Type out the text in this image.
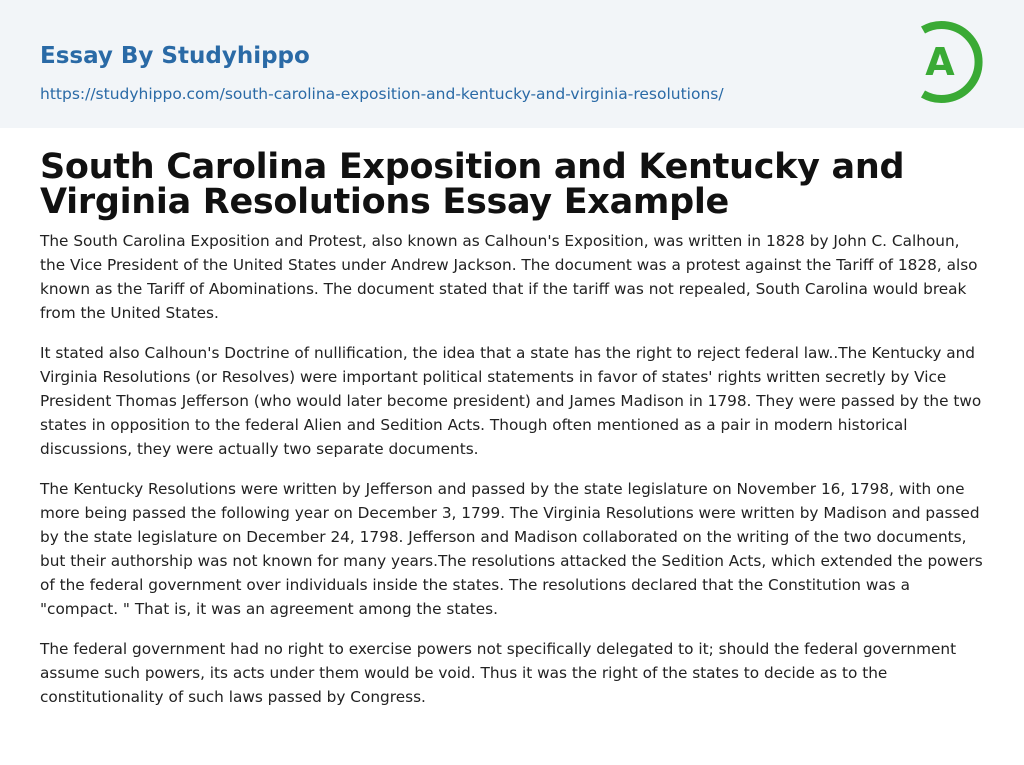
Essay By Studyhippo
https://studyhippo.com/south-carolina-exposition-and-kentucky-and-virginia-resolutions/
A
South Carolina Exposition and Kentucky and Virginia Resolutions Essay Example

The South Carolina Exposition and Protest, also known as Calhoun's Exposition, was written in 1828 by John C. Calhoun, the Vice President of the United States under Andrew Jackson. The document was a protest against the Tariff of 1828, also known as the Tariff of Abominations. The document stated that if the tariff was not repealed, South Carolina would break from the United States.

It stated also Calhoun's Doctrine of nullification, the idea that a state has the right to reject federal law..The Kentucky and Virginia Resolutions (or Resolves) were important political statements in favor of states' rights written secretly by Vice President Thomas Jefferson (who would later become president) and James Madison in 1798. They were passed by the two states in opposition to the federal Alien and Sedition Acts. Though often mentioned as a pair in modern historical discussions, they were actually two separate documents.

The Kentucky Resolutions were written by Jefferson and passed by the state legislature on November 16, 1798, with one more being passed the following year on December 3, 1799. The Virginia Resolutions were written by Madison and passed by the state legislature on December 24, 1798. Jefferson and Madison collaborated on the writing of the two documents, but their authorship was not known for many years.The resolutions attacked the Sedition Acts, which extended the powers of the federal government over individuals inside the states. The resolutions declared that the Constitution was a "compact. " That is, it was an agreement among the states.

The federal government had no right to exercise powers not specifically delegated to it; should the federal government assume such powers, its acts under them would be void. Thus it was the right of the states to decide as to the constitutionality of such laws passed by Congress.
